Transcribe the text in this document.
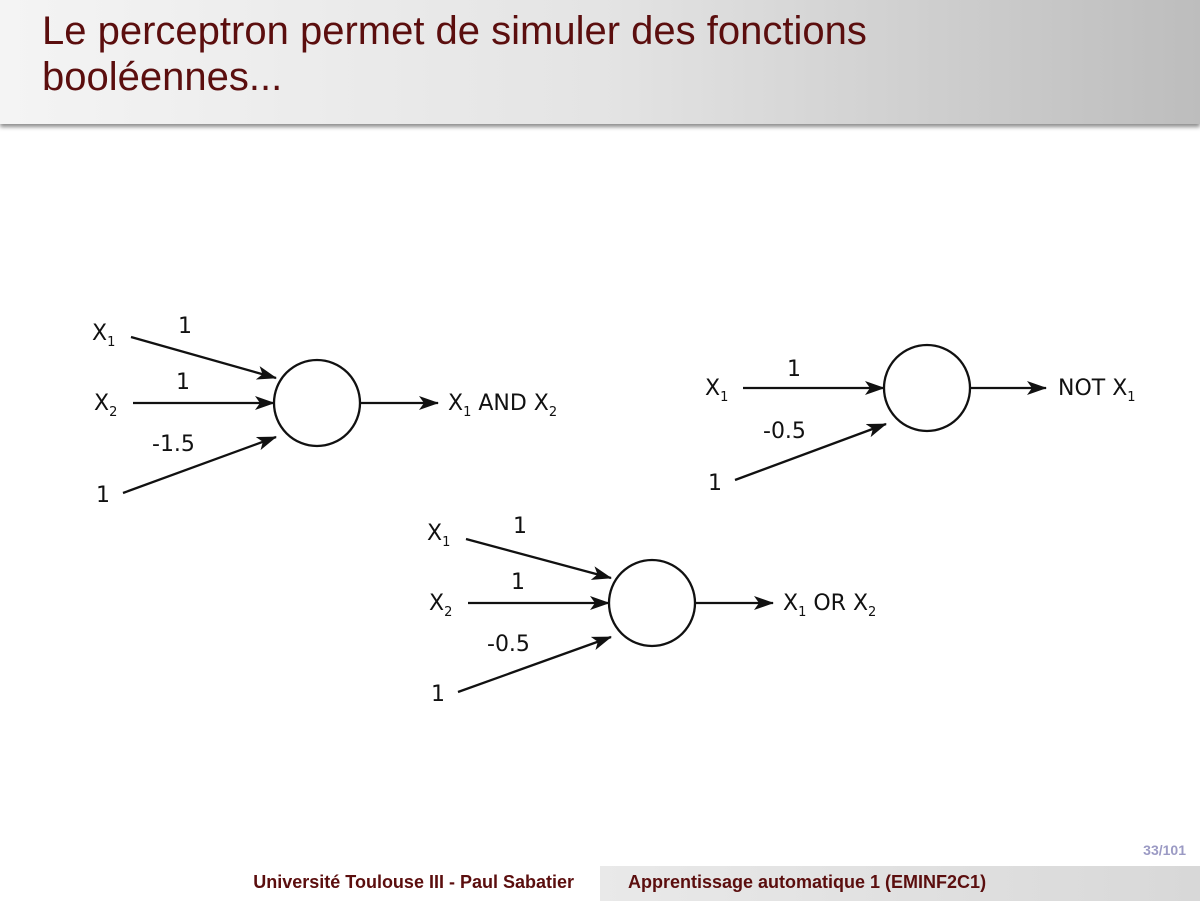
Le perceptron permet de simuler des fonctions
booléennes...
$X_1$
$X_2$
1
1
1
-1.5
$X_1$ AND $X_2$
$X_1$
1
1
-0.5
NOT $X_1$
$X_1$
$X_2$
1
1
1
-0.5
$X_1$ OR $X_2$
33/101
Université Toulouse III - Paul Sabatier	Apprentissage automatique 1 (EMINF2C1)
